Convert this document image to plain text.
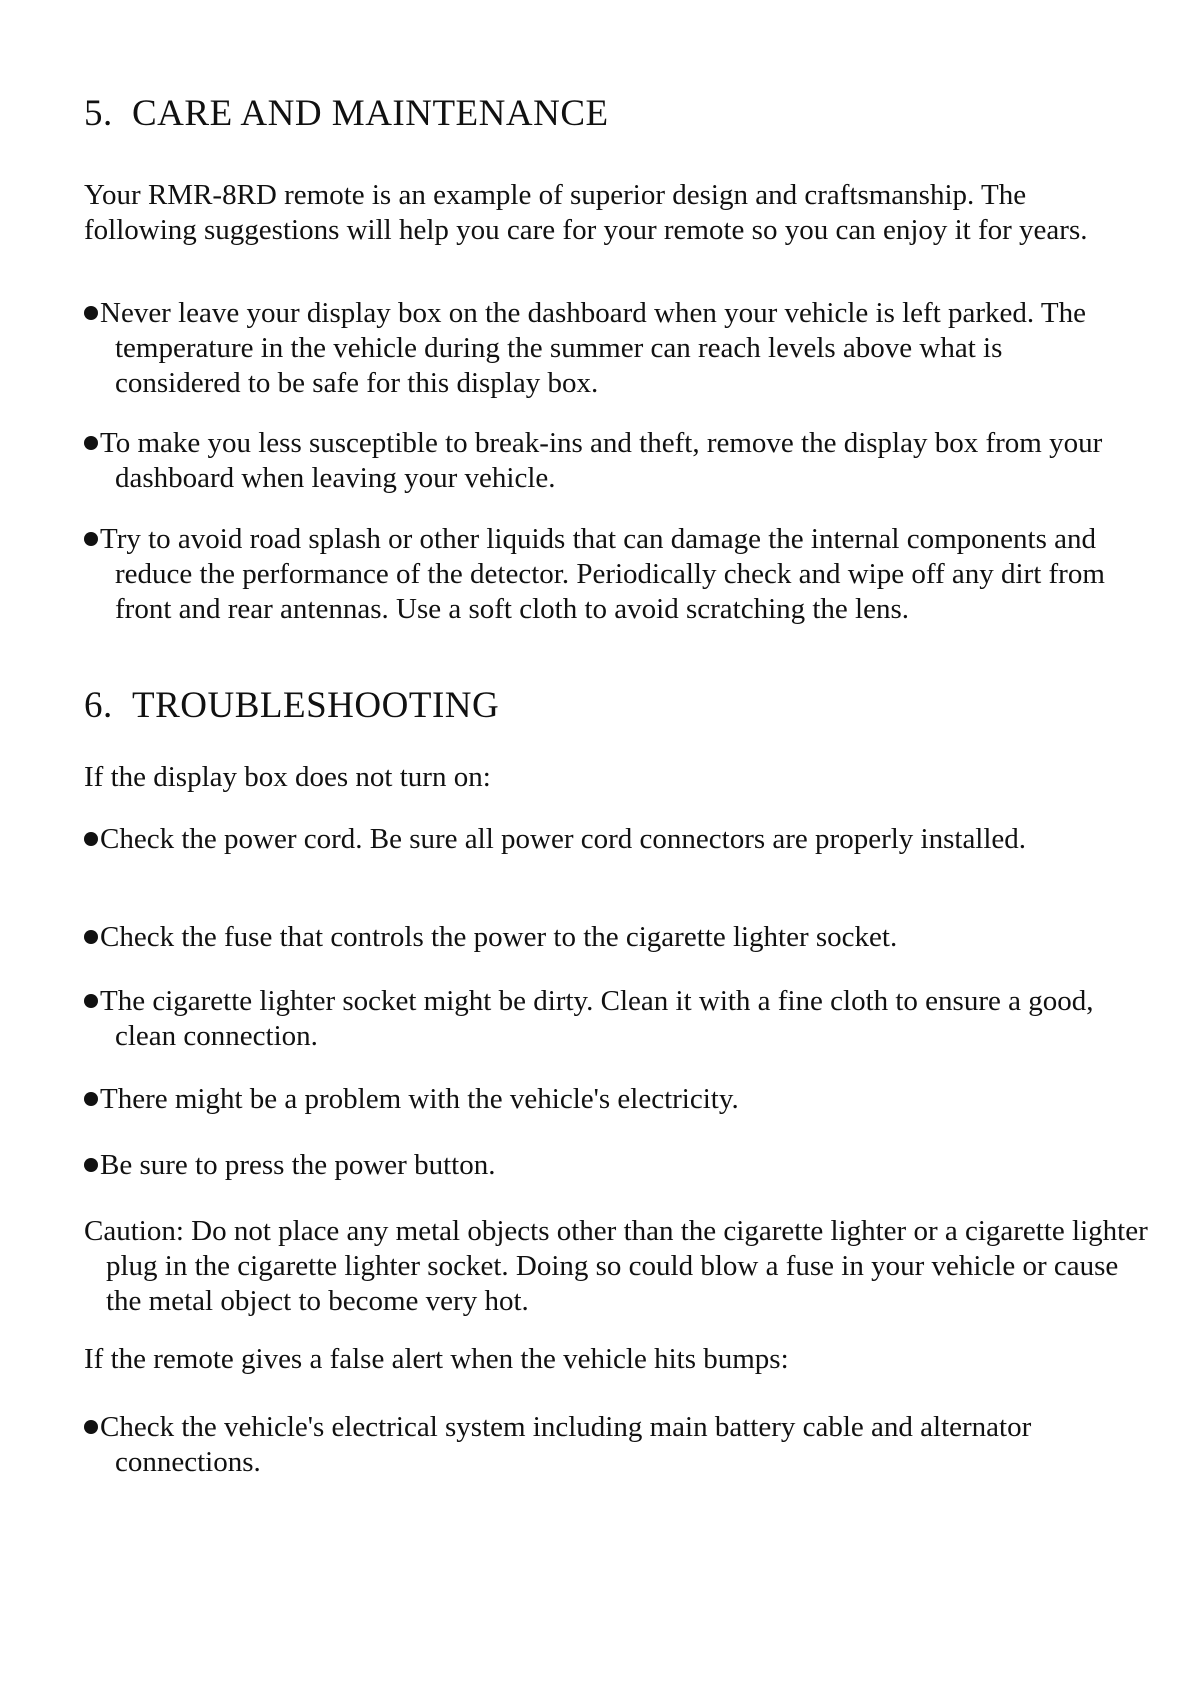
5. CARE AND MAINTENANCE

Your RMR-8RD remote is an example of superior design and craftsmanship. The following suggestions will help you care for your remote so you can enjoy it for years.

Never leave your display box on the dashboard when your vehicle is left parked. The temperature in the vehicle during the summer can reach levels above what is considered to be safe for this display box.
To make you less susceptible to break-ins and theft, remove the display box from your dashboard when leaving your vehicle.
Try to avoid road splash or other liquids that can damage the internal components and reduce the performance of the detector. Periodically check and wipe off any dirt from front and rear antennas. Use a soft cloth to avoid scratching the lens.
6. TROUBLESHOOTING

If the display box does not turn on:

Check the power cord. Be sure all power cord connectors are properly installed.
Check the fuse that controls the power to the cigarette lighter socket.
The cigarette lighter socket might be dirty. Clean it with a fine cloth to ensure a good, clean connection.
There might be a problem with the vehicle's electricity.
Be sure to press the power button.

Caution: Do not place any metal objects other than the cigarette lighter or a cigarette lighter plug in the cigarette lighter socket. Doing so could blow a fuse in your vehicle or cause the metal object to become very hot.

If the remote gives a false alert when the vehicle hits bumps:

Check the vehicle's electrical system including main battery cable and alternator connections.
